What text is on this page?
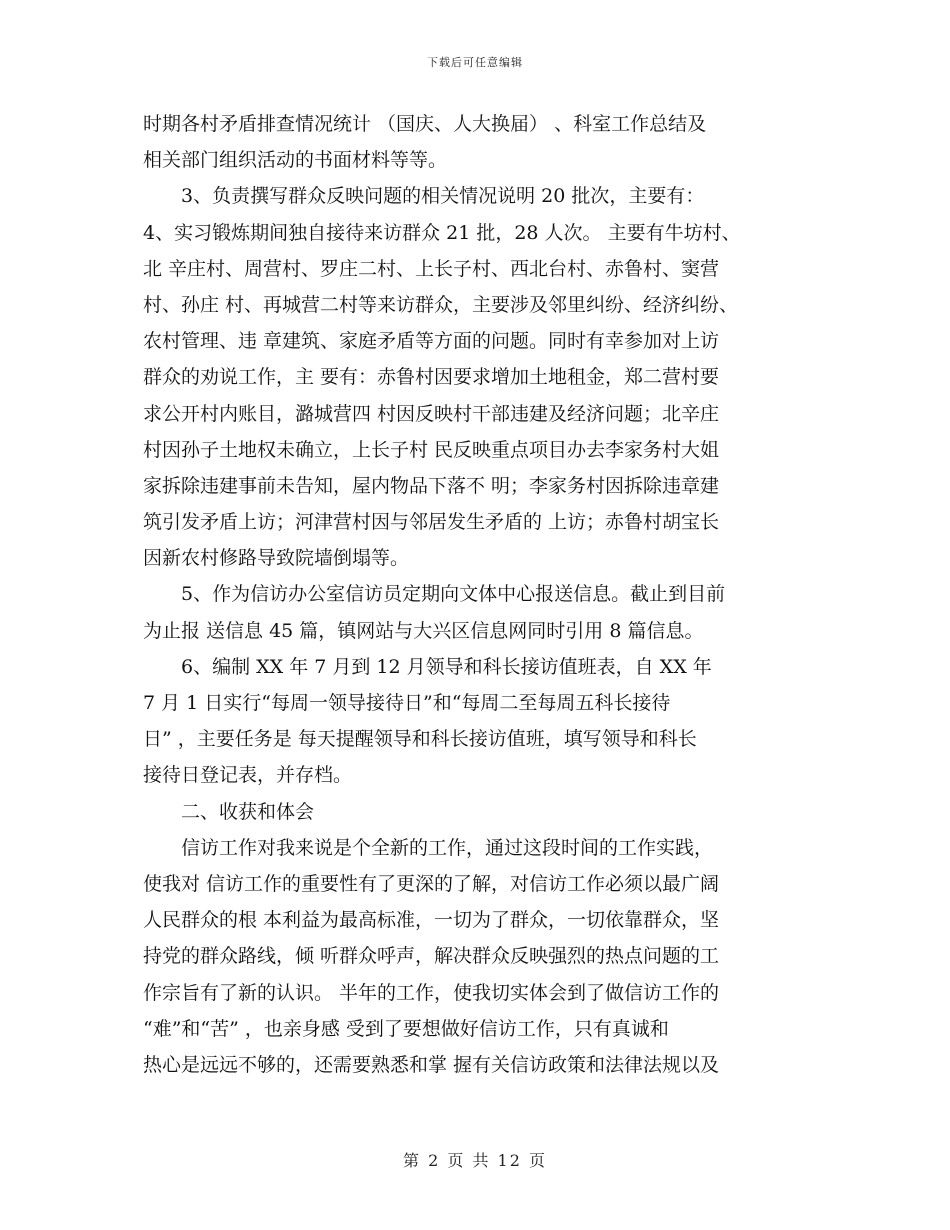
下载后可任意编辑
时期各村矛盾排查情况统计 （国庆、人大换届） 、科室工作总结及
相关部门组织活动的书面材料等等。
　　3、负责撰写群众反映问题的相关情况说明 20 批次，主要有：
4、实习锻炼期间独自接待来访群众 21 批，28 人次。 主要有牛坊村、
北 辛庄村、周营村、罗庄二村、上长子村、西北台村、赤鲁村、窦营
村、孙庄 村、再城营二村等来访群众，主要涉及邻里纠纷、经济纠纷、
农村管理、违 章建筑、家庭矛盾等方面的问题。同时有幸参加对上访
群众的劝说工作，主 要有：赤鲁村因要求增加土地租金，郑二营村要
求公开村内账目，潞城营四 村因反映村干部违建及经济问题；北辛庄
村因孙子土地权未确立，上长子村 民反映重点项目办去李家务村大姐
家拆除违建事前未告知，屋内物品下落不 明；李家务村因拆除违章建
筑引发矛盾上访；河津营村因与邻居发生矛盾的 上访；赤鲁村胡宝长
因新农村修路导致院墙倒塌等。
　　5、作为信访办公室信访员定期向文体中心报送信息。截止到目前
为止报 送信息 45 篇，镇网站与大兴区信息网同时引用 8 篇信息。
　　6、编制 XX 年 7 月到 12 月领导和科长接访值班表，自 XX 年
7 月 1 日实行“每周一领导接待日”和“每周二至每周五科长接待
日” ，主要任务是 每天提醒领导和科长接访值班，填写领导和科长
接待日登记表，并存档。
　　二、收获和体会
　　信访工作对我来说是个全新的工作，通过这段时间的工作实践，
使我对 信访工作的重要性有了更深的了解，对信访工作必须以最广阔
人民群众的根 本利益为最高标准，一切为了群众，一切依靠群众，坚
持党的群众路线，倾 听群众呼声，解决群众反映强烈的热点问题的工
作宗旨有了新的认识。 半年的工作，使我切实体会到了做信访工作的
“难”和“苦” ，也亲身感 受到了要想做好信访工作，只有真诚和
热心是远远不够的，还需要熟悉和掌 握有关信访政策和法律法规以及
第 2 页 共 12 页
